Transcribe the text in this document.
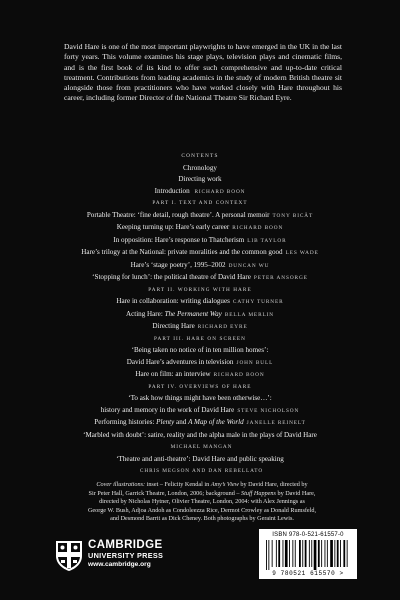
David Hare is one of the most important playwrights to have emerged in the UK in the last forty years. This volume examines his stage plays, television plays and cinematic films, and is the first book of its kind to offer such comprehensive and up-to-date critical treatment. Contributions from leading academics in the study of modern British theatre sit alongside those from practitioners who have worked closely with Hare throughout his career, including former Director of the National Theatre Sir Richard Eyre.
CONTENTS
Chronology
Directing work
Introduction RICHARD BOON
PART I. TEXT AND CONTEXT
Portable Theatre: ‘fine detail, rough theatre’. A personal memoir TONY BICÂT
Keeping turning up: Hare’s early career RICHARD BOON
In opposition: Hare’s response to Thatcherism LIB TAYLOR
Hare’s trilogy at the National: private moralities and the common good LES WADE
Hare’s ‘stage poetry’, 1995–2002 DUNCAN WU
‘Stopping for lunch’: the political theatre of David Hare PETER ANSORGE
PART II. WORKING WITH HARE
Hare in collaboration: writing dialogues CATHY TURNER
Acting Hare: The Permanent Way BELLA MERLIN
Directing Hare RICHARD EYRE
PART III. HARE ON SCREEN
‘Being taken no notice of in ten million homes’:
David Hare’s adventures in television JOHN BULL
Hare on film: an interview RICHARD BOON
PART IV. OVERVIEWS OF HARE
‘To ask how things might have been otherwise…’:
history and memory in the work of David Hare STEVE NICHOLSON
Performing histories: Plenty and A Map of the World JANELLE REINELT
‘Marbled with doubt’: satire, reality and the alpha male in the plays of David Hare
MICHAEL MANGAN
‘Theatre and anti-theatre’: David Hare and public speaking
CHRIS MEGSON AND DAN REBELLATO
Cover illustrations: inset – Felicity Kendal in Amy’s View by David Hare, directed by
Sir Peter Hall, Garrick Theatre, London, 2006; background – Stuff Happens by David Hare,
directed by Nicholas Hytner, Olivier Theatre, London, 2004: with Alex Jennings as
George W. Bush, Adjoa Andoh as Condoleezza Rice, Dermot Crowley as Donald Rumsfeld,
and Desmond Barrit as Dick Cheney. Both photographs by Geraint Lewis.
CAMBRIDGE
UNIVERSITY PRESS
www.cambridge.org
ISBN 978-0-521-61557-0
9 780521 615570 >
